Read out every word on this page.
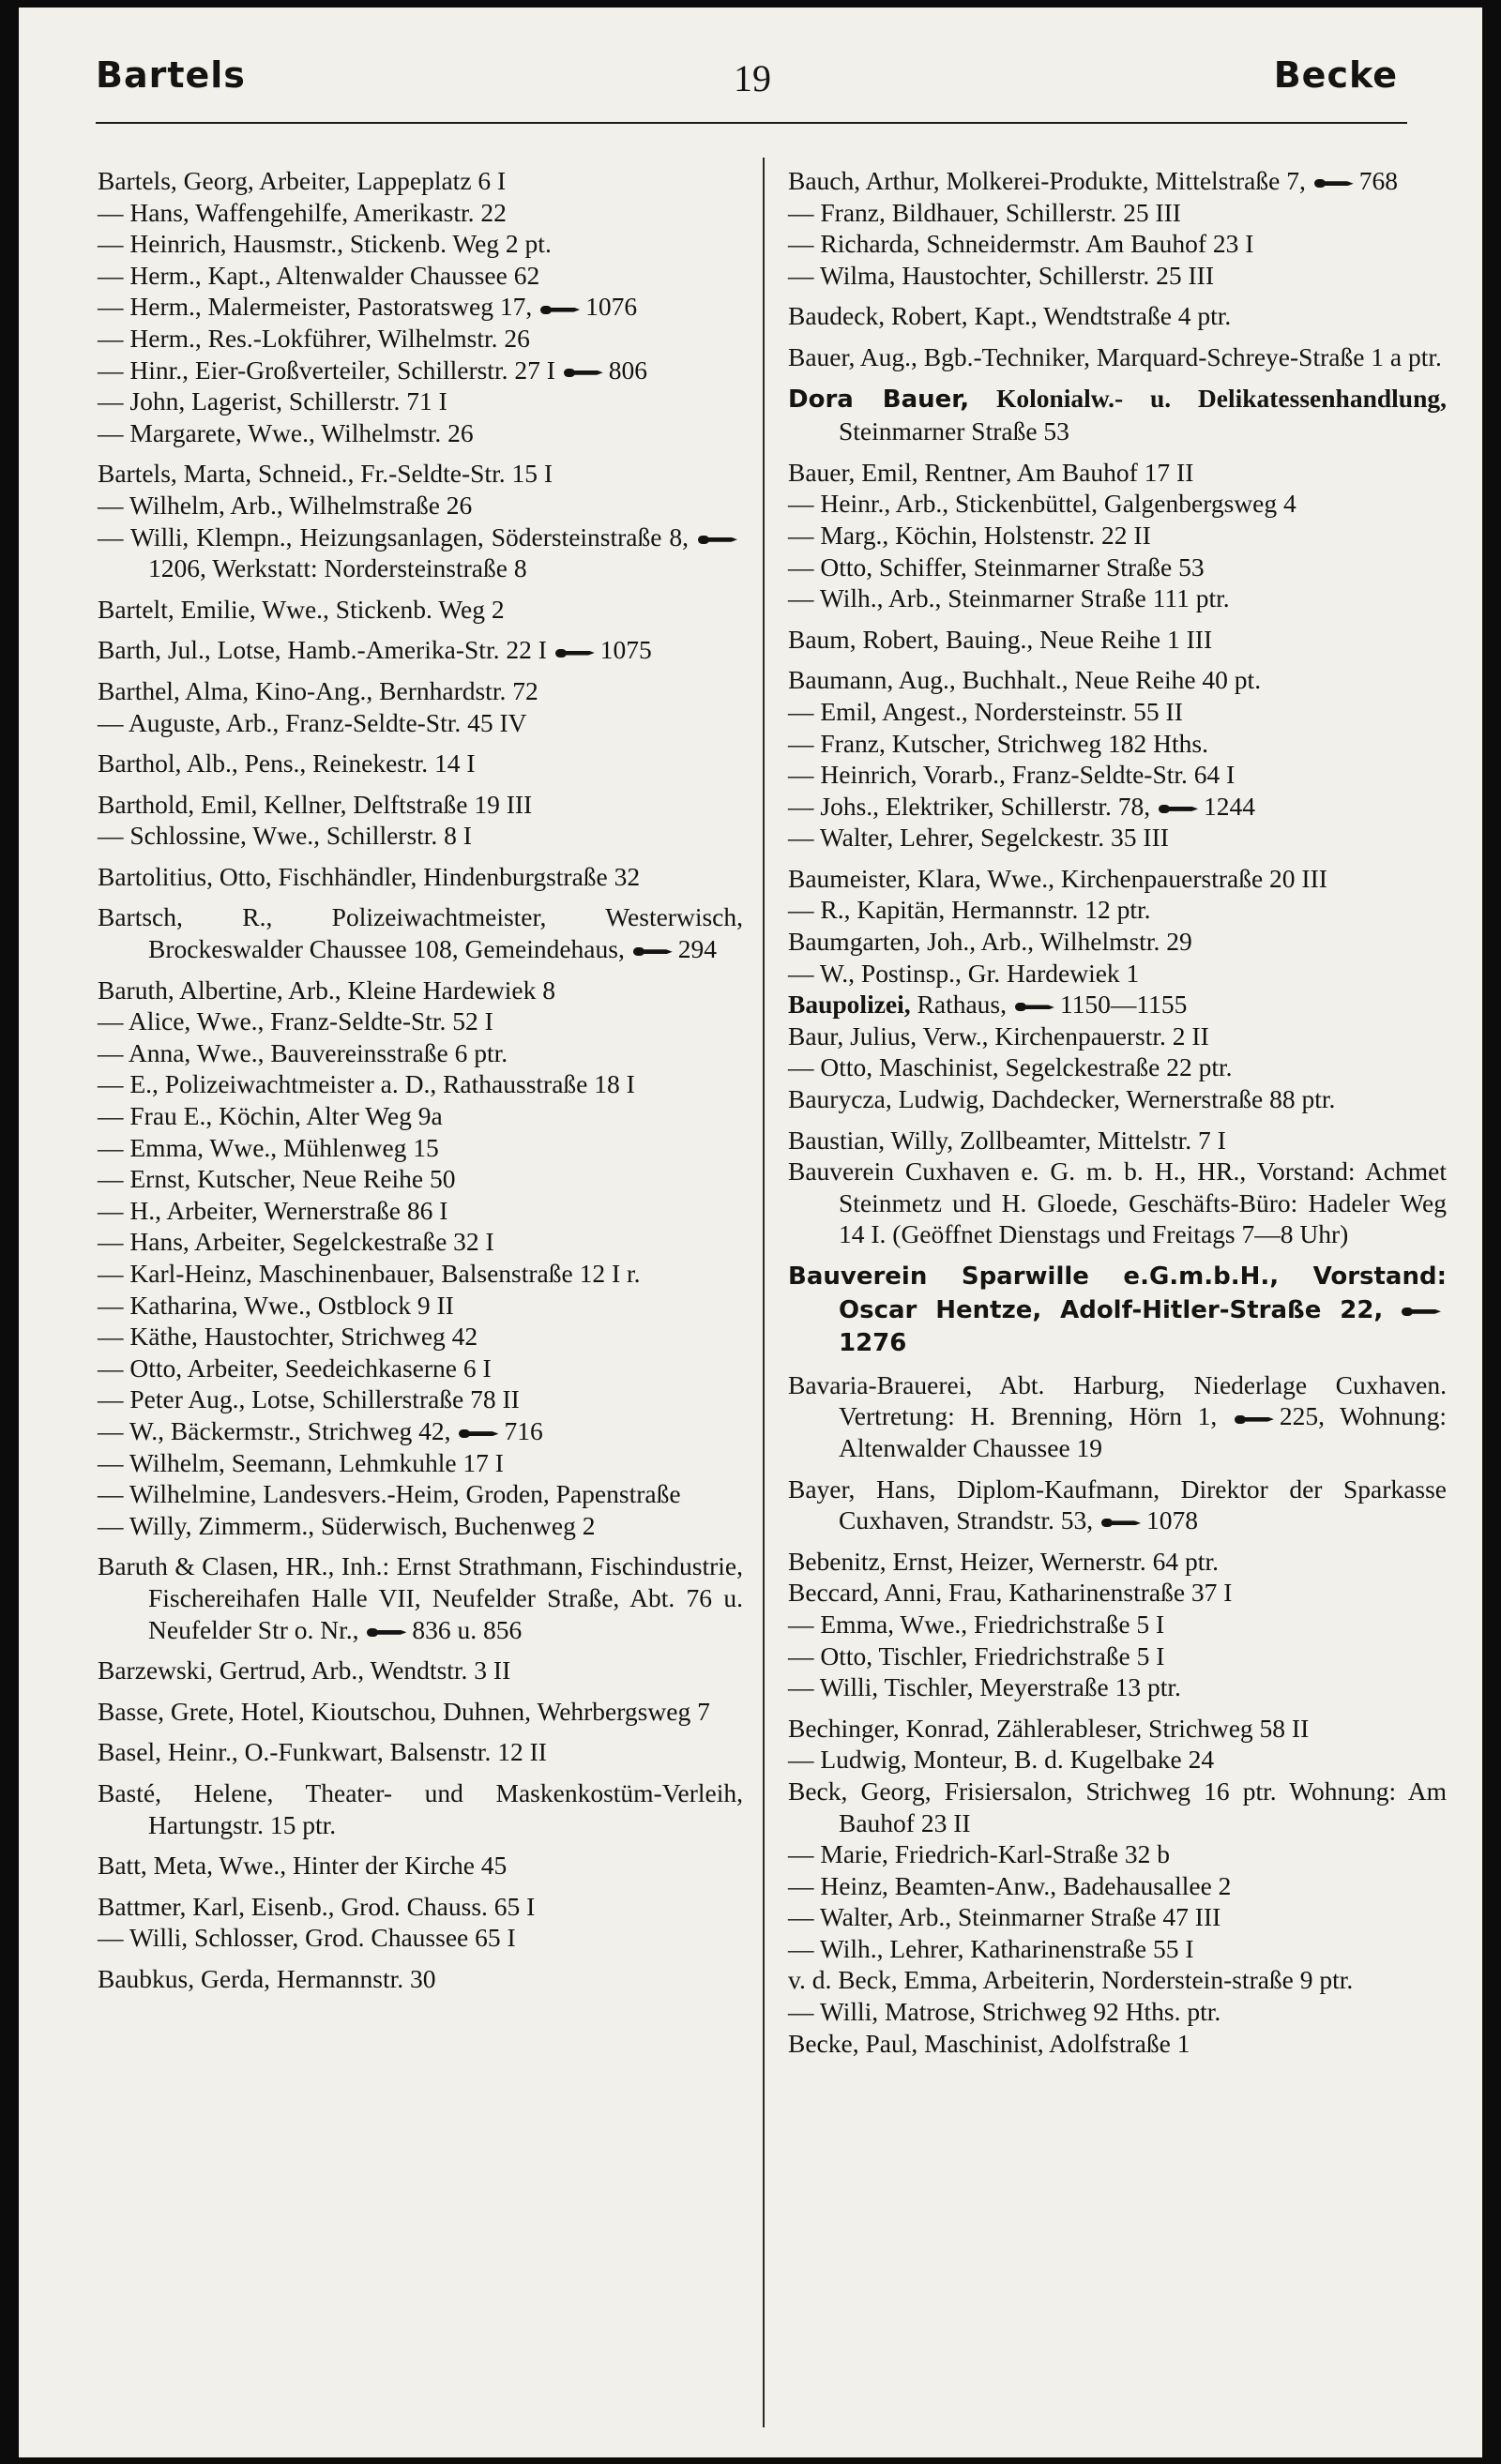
Bartels	19	Becke
Bartels, Georg, Arbeiter, Lappeplatz 6 I
— Hans, Waffengehilfe, Amerikastr. 22
— Heinrich, Hausmstr., Stickenb. Weg 2 pt.
— Herm., Kapt., Altenwalder Chaussee 62
— Herm., Malermeister, Pastoratsweg 17, 1076
— Herm., Res.-Lokführer, Wilhelmstr. 26
— Hinr., Eier-Großverteiler, Schillerstr. 27 I 806
— John, Lagerist, Schillerstr. 71 I
— Margarete, Wwe., Wilhelmstr. 26
Bartels, Marta, Schneid., Fr.-Seldte-Str. 15 I
— Wilhelm, Arb., Wilhelmstraße 26
— Willi, Klempn., Heizungsanlagen, Södersteinstraße 8, 1206, Werkstatt: Nordersteinstraße 8
Bartelt, Emilie, Wwe., Stickenb. Weg 2
Barth, Jul., Lotse, Hamb.-Amerika-Str. 22 I 1075
Barthel, Alma, Kino-Ang., Bernhardstr. 72
— Auguste, Arb., Franz-Seldte-Str. 45 IV
Barthol, Alb., Pens., Reinekestr. 14 I
Barthold, Emil, Kellner, Delftstraße 19 III
— Schlossine, Wwe., Schillerstr. 8 I
Bartolitius, Otto, Fischhändler, Hindenburgstraße 32
Bartsch, R., Polizeiwachtmeister, Westerwisch, Brockeswalder Chaussee 108, Gemeindehaus, 294
Baruth, Albertine, Arb., Kleine Hardewiek 8
— Alice, Wwe., Franz-Seldte-Str. 52 I
— Anna, Wwe., Bauvereinsstraße 6 ptr.
— E., Polizeiwachtmeister a. D., Rathausstraße 18 I
— Frau E., Köchin, Alter Weg 9a
— Emma, Wwe., Mühlenweg 15
— Ernst, Kutscher, Neue Reihe 50
— H., Arbeiter, Wernerstraße 86 I
— Hans, Arbeiter, Segelckestraße 32 I
— Karl-Heinz, Maschinenbauer, Balsenstraße 12 I r.
— Katharina, Wwe., Ostblock 9 II
— Käthe, Haustochter, Strichweg 42
— Otto, Arbeiter, Seedeichkaserne 6 I
— Peter Aug., Lotse, Schillerstraße 78 II
— W., Bäckermstr., Strichweg 42, 716
— Wilhelm, Seemann, Lehmkuhle 17 I
— Wilhelmine, Landesvers.-Heim, Groden, Papenstraße
— Willy, Zimmerm., Süderwisch, Buchenweg 2
Baruth & Clasen, HR., Inh.: Ernst Strathmann, Fischindustrie, Fischereihafen Halle VII, Neufelder Straße, Abt. 76 u. Neufelder Str o. Nr., 836 u. 856
Barzewski, Gertrud, Arb., Wendtstr. 3 II
Basse, Grete, Hotel, Kioutschou, Duhnen, Wehrbergsweg 7
Basel, Heinr., O.-Funkwart, Balsenstr. 12 II
Basté, Helene, Theater- und Maskenkostüm-Verleih, Hartungstr. 15 ptr.
Batt, Meta, Wwe., Hinter der Kirche 45
Battmer, Karl, Eisenb., Grod. Chauss. 65 I
— Willi, Schlosser, Grod. Chaussee 65 I
Baubkus, Gerda, Hermannstr. 30
Bauch, Arthur, Molkerei-Produkte, Mittelstraße 7, 768
— Franz, Bildhauer, Schillerstr. 25 III
— Richarda, Schneidermstr. Am Bauhof 23 I
— Wilma, Haustochter, Schillerstr. 25 III
Baudeck, Robert, Kapt., Wendtstraße 4 ptr.
Bauer, Aug., Bgb.-Techniker, Marquard-Schreye-Straße 1 a ptr.
Dora Bauer, Kolonialw.- u. Delikatessenhandlung, Steinmarner Straße 53
Bauer, Emil, Rentner, Am Bauhof 17 II
— Heinr., Arb., Stickenbüttel, Galgenbergsweg 4
— Marg., Köchin, Holstenstr. 22 II
— Otto, Schiffer, Steinmarner Straße 53
— Wilh., Arb., Steinmarner Straße 111 ptr.
Baum, Robert, Bauing., Neue Reihe 1 III
Baumann, Aug., Buchhalt., Neue Reihe 40 pt.
— Emil, Angest., Nordersteinstr. 55 II
— Franz, Kutscher, Strichweg 182 Hths.
— Heinrich, Vorarb., Franz-Seldte-Str. 64 I
— Johs., Elektriker, Schillerstr. 78, 1244
— Walter, Lehrer, Segelckestr. 35 III
Baumeister, Klara, Wwe., Kirchenpauerstraße 20 III
— R., Kapitän, Hermannstr. 12 ptr.
Baumgarten, Joh., Arb., Wilhelmstr. 29
— W., Postinsp., Gr. Hardewiek 1
Baupolizei, Rathaus, 1150—1155
Baur, Julius, Verw., Kirchenpauerstr. 2 II
— Otto, Maschinist, Segelckestraße 22 ptr.
Baurycza, Ludwig, Dachdecker, Wernerstraße 88 ptr.
Baustian, Willy, Zollbeamter, Mittelstr. 7 I
Bauverein Cuxhaven e. G. m. b. H., HR., Vorstand: Achmet Steinmetz und H. Gloede, Geschäfts-Büro: Hadeler Weg 14 I. (Geöffnet Dienstags und Freitags 7—8 Uhr)
Bauverein Sparwille e.G.m.b.H., Vorstand: Oscar Hentze, Adolf-Hitler-Straße 22, 1276
Bavaria-Brauerei, Abt. Harburg, Niederlage Cuxhaven. Vertretung: H. Brenning, Hörn 1, 225, Wohnung: Altenwalder Chaussee 19
Bayer, Hans, Diplom-Kaufmann, Direktor der Sparkasse Cuxhaven, Strandstr. 53, 1078
Bebenitz, Ernst, Heizer, Wernerstr. 64 ptr.
Beccard, Anni, Frau, Katharinenstraße 37 I
— Emma, Wwe., Friedrichstraße 5 I
— Otto, Tischler, Friedrichstraße 5 I
— Willi, Tischler, Meyerstraße 13 ptr.
Bechinger, Konrad, Zählerableser, Strichweg 58 II
— Ludwig, Monteur, B. d. Kugelbake 24
Beck, Georg, Frisiersalon, Strichweg 16 ptr. Wohnung: Am Bauhof 23 II
— Marie, Friedrich-Karl-Straße 32 b
— Heinz, Beamten-Anw., Badehausallee 2
— Walter, Arb., Steinmarner Straße 47 III
— Wilh., Lehrer, Katharinenstraße 55 I
v. d. Beck, Emma, Arbeiterin, Norderstein-straße 9 ptr.
— Willi, Matrose, Strichweg 92 Hths. ptr.
Becke, Paul, Maschinist, Adolfstraße 1
